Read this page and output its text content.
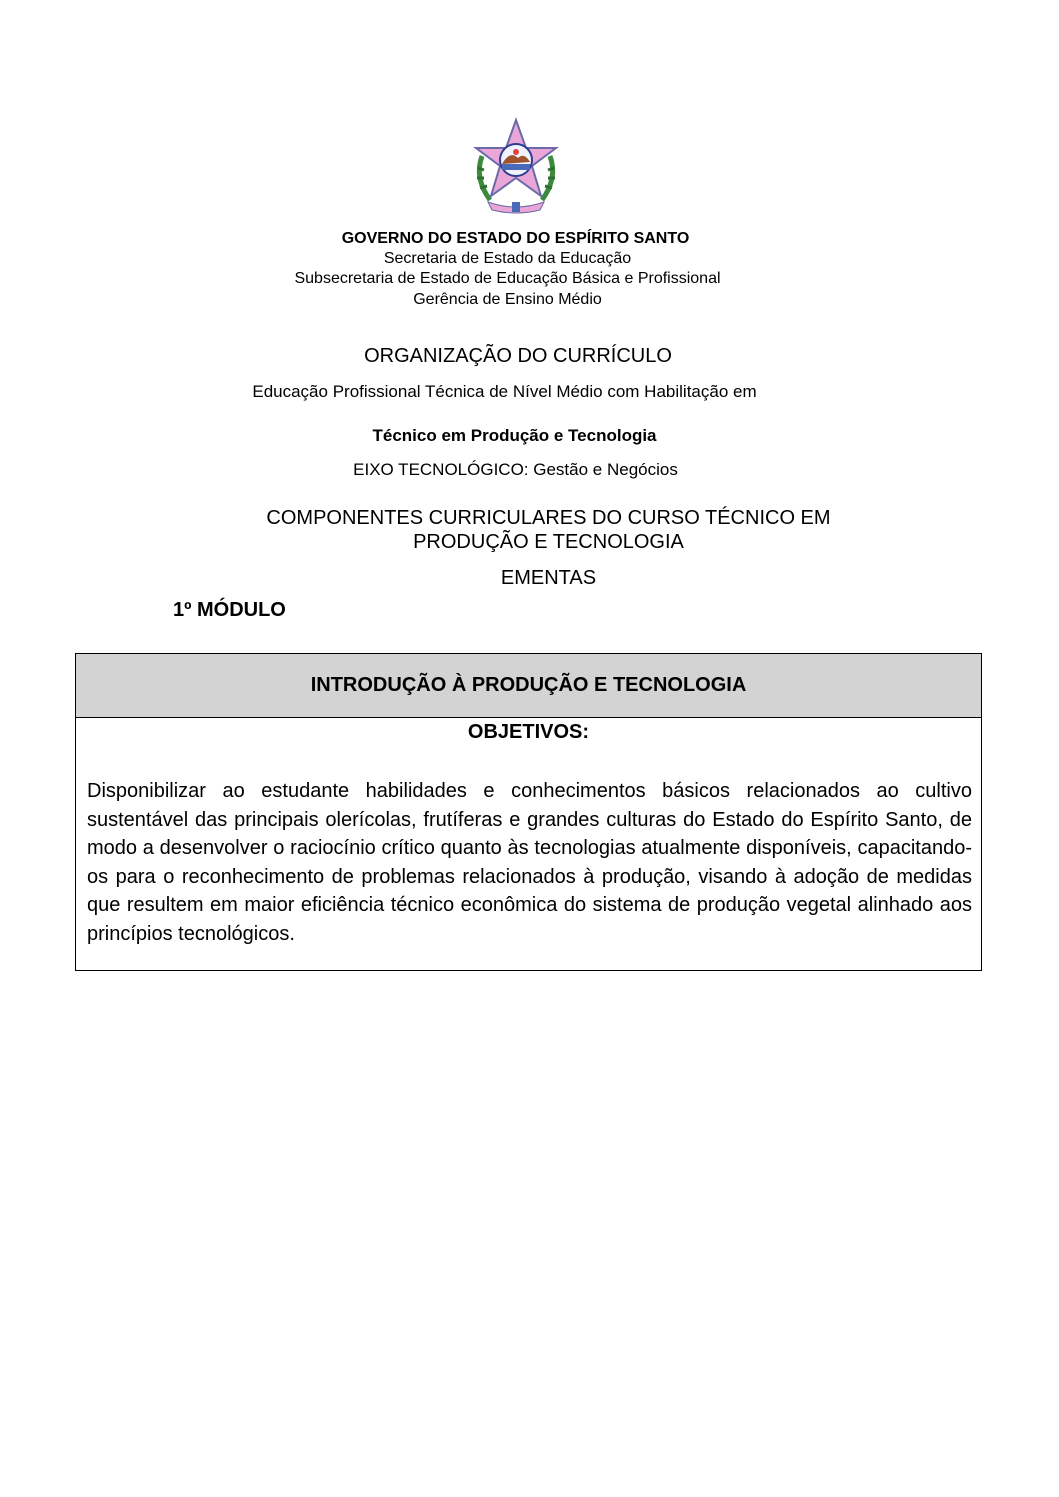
GOVERNO DO ESTADO DO ESPÍRITO SANTO
Secretaria de Estado da Educação
Subsecretaria de Estado de Educação Básica e Profissional
Gerência de Ensino Médio
ORGANIZAÇÃO DO CURRÍCULO
Educação Profissional Técnica de Nível Médio com Habilitação em
Técnico em Produção e Tecnologia
EIXO TECNOLÓGICO: Gestão e Negócios
COMPONENTES CURRICULARES DO CURSO TÉCNICO EM
PRODUÇÃO E TECNOLOGIA
EMENTAS
1º MÓDULO
INTRODUÇÃO À PRODUÇÃO E TECNOLOGIA
OBJETIVOS:
Disponibilizar ao estudante habilidades e conhecimentos básicos relacionados ao cultivo sustentável das principais olerícolas, frutíferas e grandes culturas do Estado do Espírito Santo, de modo a desenvolver o raciocínio crítico quanto às tecnologias atualmente disponíveis, capacitando-os para o reconhecimento de problemas relacionados à produção, visando à adoção de medidas que resultem em maior eficiência técnico econômica do sistema de produção vegetal alinhado aos princípios tecnológicos.
